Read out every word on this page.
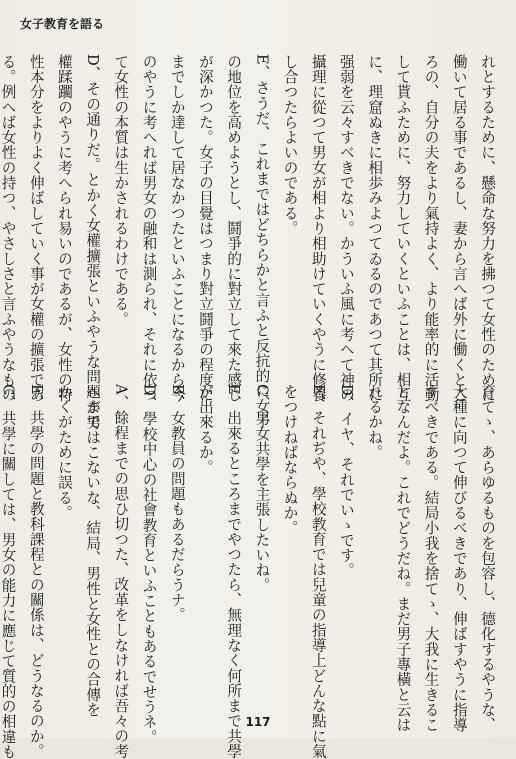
女子教育を語る
れとするために、懸命な努力を拂つて女性のために
働いて居る事であるし、妻から言へば外に働くとこ
ろの、自分の夫をより氣持よく、より能率的に活動
して貰ふために、努力していくといふことは、相互
に、理窟ぬきに相歩みよつてゐるのであつて其所に
强弱を云々すべきでない。かういふ風に考へて神の
攝理に從つて男女が相より相助けていくやうに修養
し合つたらよいのである。
E、さうだ、これまではどちらかと言ふと反抗的に女子
の地位を高めようとし、鬪爭的に對立して來た感じ
が深かつた。女子の目覺はつまり對立鬪爭の程度に
までしか達して居なかつたといふことになるから今
のやうに考へれば男女の融和は測られ、それに依つ
て女性の本質は生かされるわけである。
D、その通りだ。とかく女權擴張といふやうな問題が男
權蹂躙のやうに考へられ易いのであるが、女性の特
性本分をよりよく伸ばしていく事が女權の擴張であ
る。例へば女性の持つ、やさしさと言ふやうなもの
育てゝ、あらゆるものを包容し、德化するやうな、
大種に向つて伸びるべきであり、伸ばすやうに指導
すべきである。結局小我を捨てゝ、大我に生きるこ
となんだよ。これでどうだね。まだ男子專橫と云は
れるかね。
D、イヤ、それでいゝです。
E、それぢや、學校教育では兒童の指導上どんな點に氣
をつけねばならぬか。
C、男女共學を主張したいね。
E、出來るところまでやつたら、無理なく何所まで共學
が出來るか。
B、女教員の問題もあるだらうナ。
D、學校中心の社會教育といふこともあるでせうネ。
A、餘程までの思ひ切つた、改革をしなければ吾々の考
へまではこないな、結局、男性と女性との合傳を
かくがために誤る。
E、共學の問題と教科課程との關係は、どうなるのか。
C、共學に關しては、男女の能力に應じて質的の相違も	117
